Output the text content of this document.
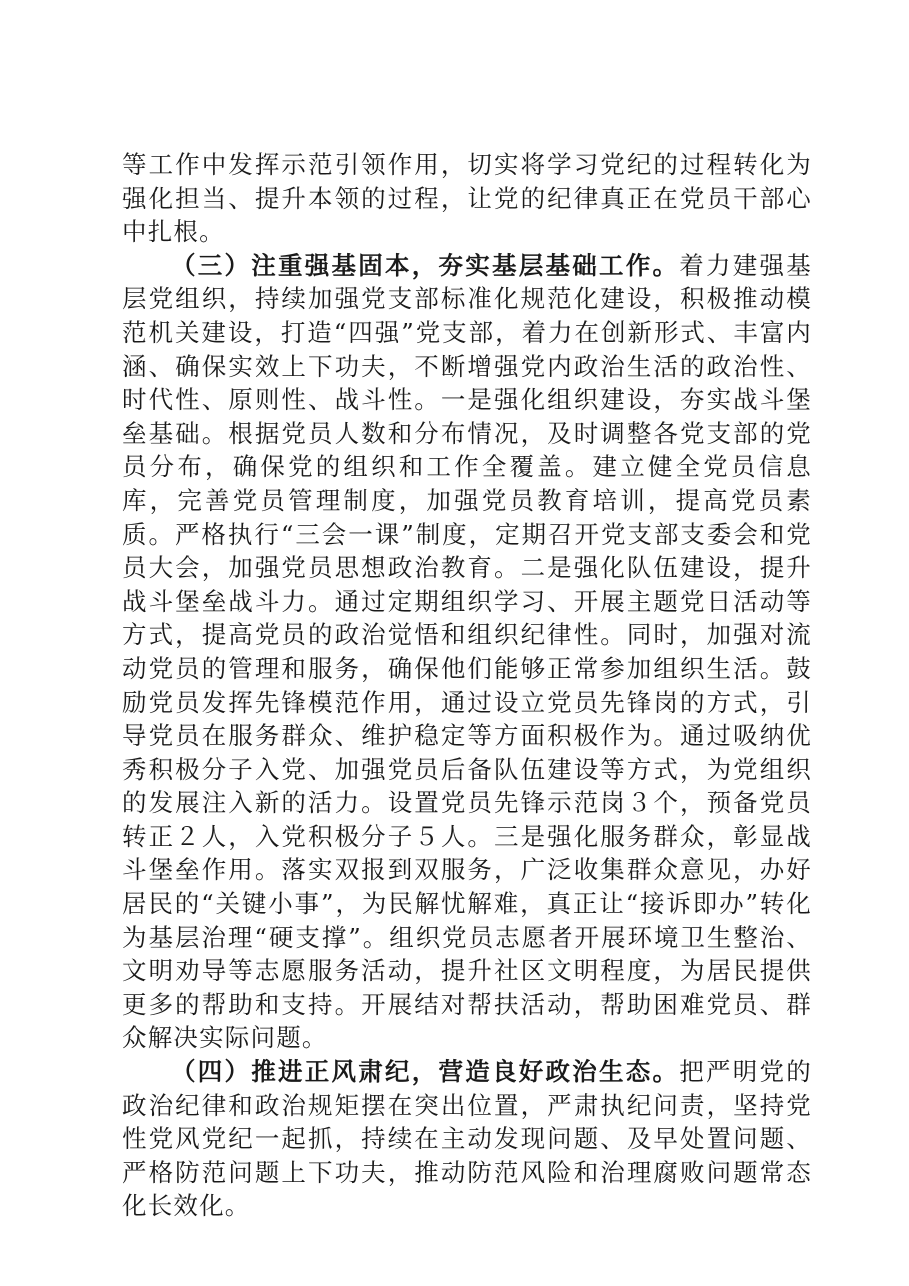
等工作中发挥示范引领作用，切实将学习党纪的过程转化为强化担当、提升本领的过程，让党的纪律真正在党员干部心中扎根。

（三）注重强基固本，夯实基层基础工作。着力建强基层党组织，持续加强党支部标准化规范化建设，积极推动模范机关建设，打造“四强”党支部，着力在创新形式、丰富内涵、确保实效上下功夫，不断增强党内政治生活的政治性、时代性、原则性、战斗性。一是强化组织建设，夯实战斗堡垒基础。根据党员人数和分布情况，及时调整各党支部的党员分布，确保党的组织和工作全覆盖。建立健全党员信息库，完善党员管理制度，加强党员教育培训，提高党员素质。严格执行“三会一课”制度，定期召开党支部支委会和党员大会，加强党员思想政治教育。二是强化队伍建设，提升战斗堡垒战斗力。通过定期组织学习、开展主题党日活动等方式，提高党员的政治觉悟和组织纪律性。同时，加强对流动党员的管理和服务，确保他们能够正常参加组织生活。鼓励党员发挥先锋模范作用，通过设立党员先锋岗的方式，引导党员在服务群众、维护稳定等方面积极作为。通过吸纳优秀积极分子入党、加强党员后备队伍建设等方式，为党组织的发展注入新的活力。设置党员先锋示范岗３个，预备党员转正２人，入党积极分子５人。三是强化服务群众，彰显战斗堡垒作用。落实双报到双服务，广泛收集群众意见，办好居民的“关键小事”，为民解忧解难，真正让“接诉即办”转化为基层治理“硬支撑”。组织党员志愿者开展环境卫生整治、文明劝导等志愿服务活动，提升社区文明程度，为居民提供更多的帮助和支持。开展结对帮扶活动，帮助困难党员、群众解决实际问题。

（四）推进正风肃纪，营造良好政治生态。把严明党的政治纪律和政治规矩摆在突出位置，严肃执纪问责，坚持党性党风党纪一起抓，持续在主动发现问题、及早处置问题、严格防范问题上下功夫，推动防范风险和治理腐败问题常态化长效化。
